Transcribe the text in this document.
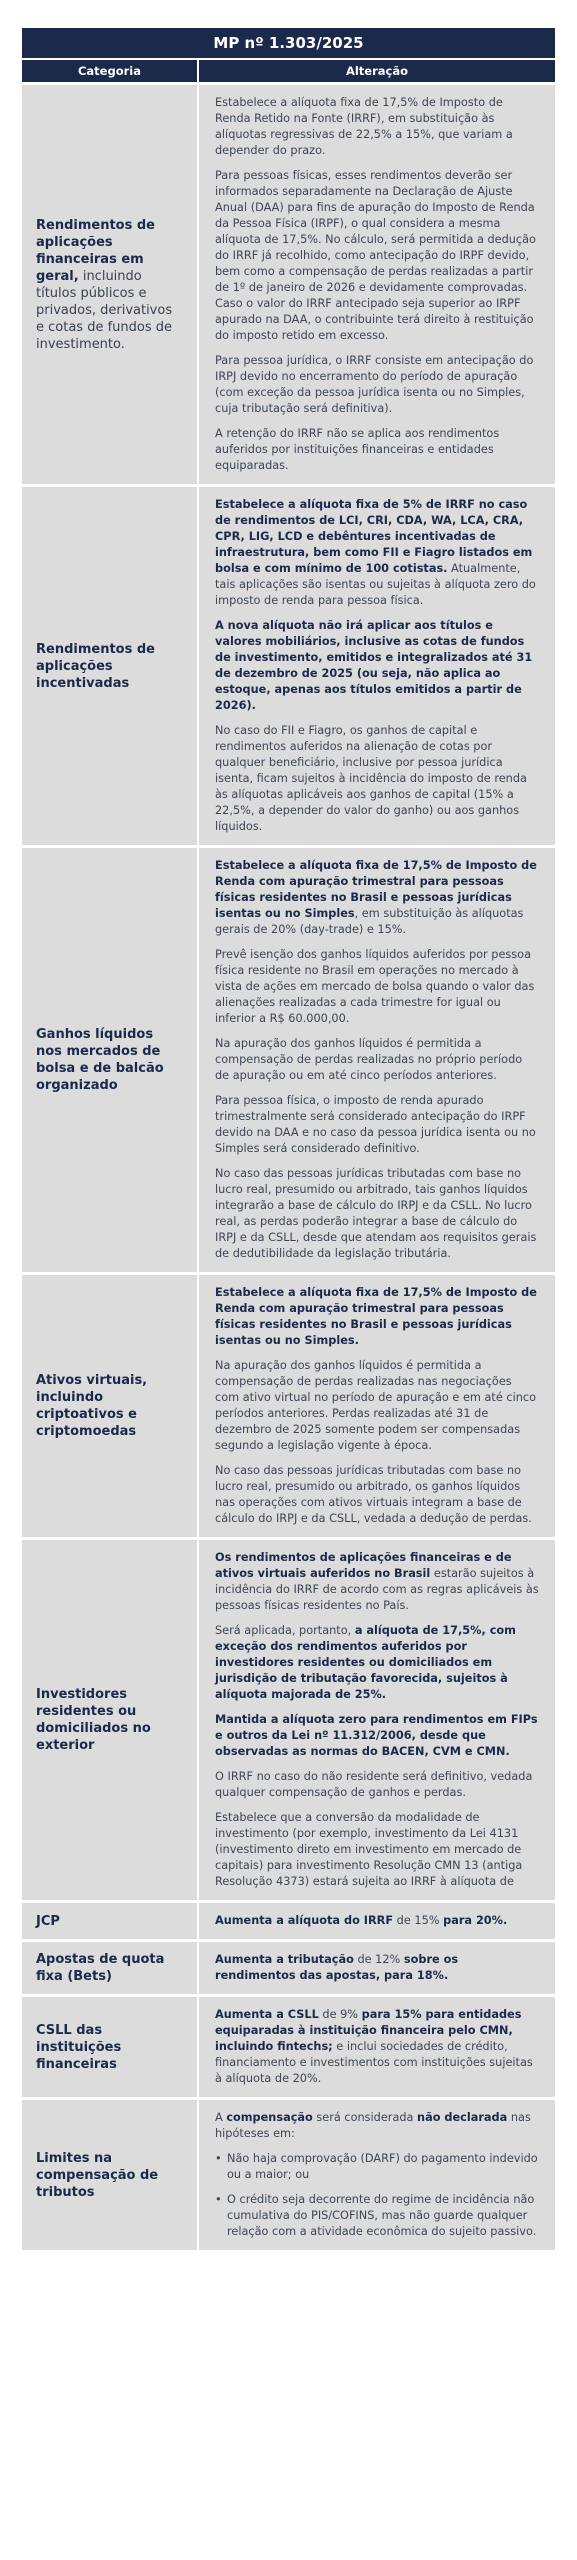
MP nº 1.303/2025
Categoria	Alteração
Rendimentos de aplicações financeiras em geral, incluindo títulos públicos e privados, derivativos e cotas de fundos de investimento.

Estabelece a alíquota fixa de 17,5% de Imposto de Renda Retido na Fonte (IRRF), em substituição às alíquotas regressivas de 22,5% a 15%, que variam a depender do prazo.

Para pessoas físicas, esses rendimentos deverão ser informados separadamente na Declaração de Ajuste Anual (DAA) para fins de apuração do Imposto de Renda da Pessoa Física (IRPF), o qual considera a mesma alíquota de 17,5%. No cálculo, será permitida a dedução do IRRF já recolhido, como antecipação do IRPF devido, bem como a compensação de perdas realizadas a partir de 1º de janeiro de 2026 e devidamente comprovadas. Caso o valor do IRRF antecipado seja superior ao IRPF apurado na DAA, o contribuinte terá direito à restituição do imposto retido em excesso.

Para pessoa jurídica, o IRRF consiste em antecipação do IRPJ devido no encerramento do período de apuração (com exceção da pessoa jurídica isenta ou no Simples, cuja tributação será definitiva).

A retenção do IRRF não se aplica aos rendimentos auferidos por instituições financeiras e entidades equiparadas.

Rendimentos de aplicações incentivadas

Estabelece a alíquota fixa de 5% de IRRF no caso de rendimentos de LCI, CRI, CDA, WA, LCA, CRA, CPR, LIG, LCD e debêntures incentivadas de infraestrutura, bem como FII e Fiagro listados em bolsa e com mínimo de 100 cotistas. Atualmente, tais aplicações são isentas ou sujeitas à alíquota zero do imposto de renda para pessoa física.

A nova alíquota não irá aplicar aos títulos e valores mobiliários, inclusive as cotas de fundos de investimento, emitidos e integralizados até 31 de dezembro de 2025 (ou seja, não aplica ao estoque, apenas aos títulos emitidos a partir de 2026).

No caso do FII e Fiagro, os ganhos de capital e rendimentos auferidos na alienação de cotas por qualquer beneficiário, inclusive por pessoa jurídica isenta, ficam sujeitos à incidência do imposto de renda às alíquotas aplicáveis aos ganhos de capital (15% a 22,5%, a depender do valor do ganho) ou aos ganhos líquidos.

Ganhos líquidos nos mercados de bolsa e de balcão organizado

Estabelece a alíquota fixa de 17,5% de Imposto de Renda com apuração trimestral para pessoas físicas residentes no Brasil e pessoas jurídicas isentas ou no Simples, em substituição às alíquotas gerais de 20% (day-trade) e 15%.

Prevê isenção dos ganhos líquidos auferidos por pessoa física residente no Brasil em operações no mercado à vista de ações em mercado de bolsa quando o valor das alienações realizadas a cada trimestre for igual ou inferior a R$ 60.000,00.

Na apuração dos ganhos líquidos é permitida a compensação de perdas realizadas no próprio período de apuração ou em até cinco períodos anteriores.

Para pessoa física, o imposto de renda apurado trimestralmente será considerado antecipação do IRPF devido na DAA e no caso da pessoa jurídica isenta ou no Simples será considerado definitivo.

No caso das pessoas jurídicas tributadas com base no lucro real, presumido ou arbitrado, tais ganhos líquidos integrarão a base de cálculo do IRPJ e da CSLL. No lucro real, as perdas poderão integrar a base de cálculo do IRPJ e da CSLL, desde que atendam aos requisitos gerais de dedutibilidade da legislação tributária.

Ativos virtuais, incluindo criptoativos e criptomoedas

Estabelece a alíquota fixa de 17,5% de Imposto de Renda com apuração trimestral para pessoas físicas residentes no Brasil e pessoas jurídicas isentas ou no Simples.

Na apuração dos ganhos líquidos é permitida a compensação de perdas realizadas nas negociações com ativo virtual no período de apuração e em até cinco períodos anteriores. Perdas realizadas até 31 de dezembro de 2025 somente podem ser compensadas segundo a legislação vigente à época.

No caso das pessoas jurídicas tributadas com base no lucro real, presumido ou arbitrado, os ganhos líquidos nas operações com ativos virtuais integram a base de cálculo do IRPJ e da CSLL, vedada a dedução de perdas.

Investidores residentes ou domiciliados no exterior

Os rendimentos de aplicações financeiras e de ativos virtuais auferidos no Brasil estarão sujeitos à incidência do IRRF de acordo com as regras aplicáveis às pessoas físicas residentes no País.

Será aplicada, portanto, a alíquota de 17,5%, com exceção dos rendimentos auferidos por investidores residentes ou domiciliados em jurisdição de tributação favorecida, sujeitos à alíquota majorada de 25%.

Mantida a alíquota zero para rendimentos em FIPs e outros da Lei nº 11.312/2006, desde que observadas as normas do BACEN, CVM e CMN.

O IRRF no caso do não residente será definitivo, vedada qualquer compensação de ganhos e perdas.

Estabelece que a conversão da modalidade de investimento (por exemplo, investimento da Lei 4131 (investimento direto em investimento em mercado de capitais) para investimento Resolução CMN 13 (antiga Resolução 4373) estará sujeita ao IRRF à alíquota de

JCP	Aumenta a alíquota do IRRF de 15% para 20%.

Apostas de quota fixa (Bets)

Aumenta a tributação de 12% sobre os rendimentos das apostas, para 18%.

CSLL das instituições financeiras

Aumenta a CSLL de 9% para 15% para entidades equiparadas à instituição financeira pelo CMN, incluindo fintechs; e inclui sociedades de crédito, financiamento e investimentos com instituições sujeitas à alíquota de 20%.

Limites na compensação de tributos

A compensação será considerada não declarada nas hipóteses em:

• Não haja comprovação (DARF) do pagamento indevido ou a maior; ou
• O crédito seja decorrente do regime de incidência não cumulativa do PIS/COFINS, mas não guarde qualquer relação com a atividade econômica do sujeito passivo.
